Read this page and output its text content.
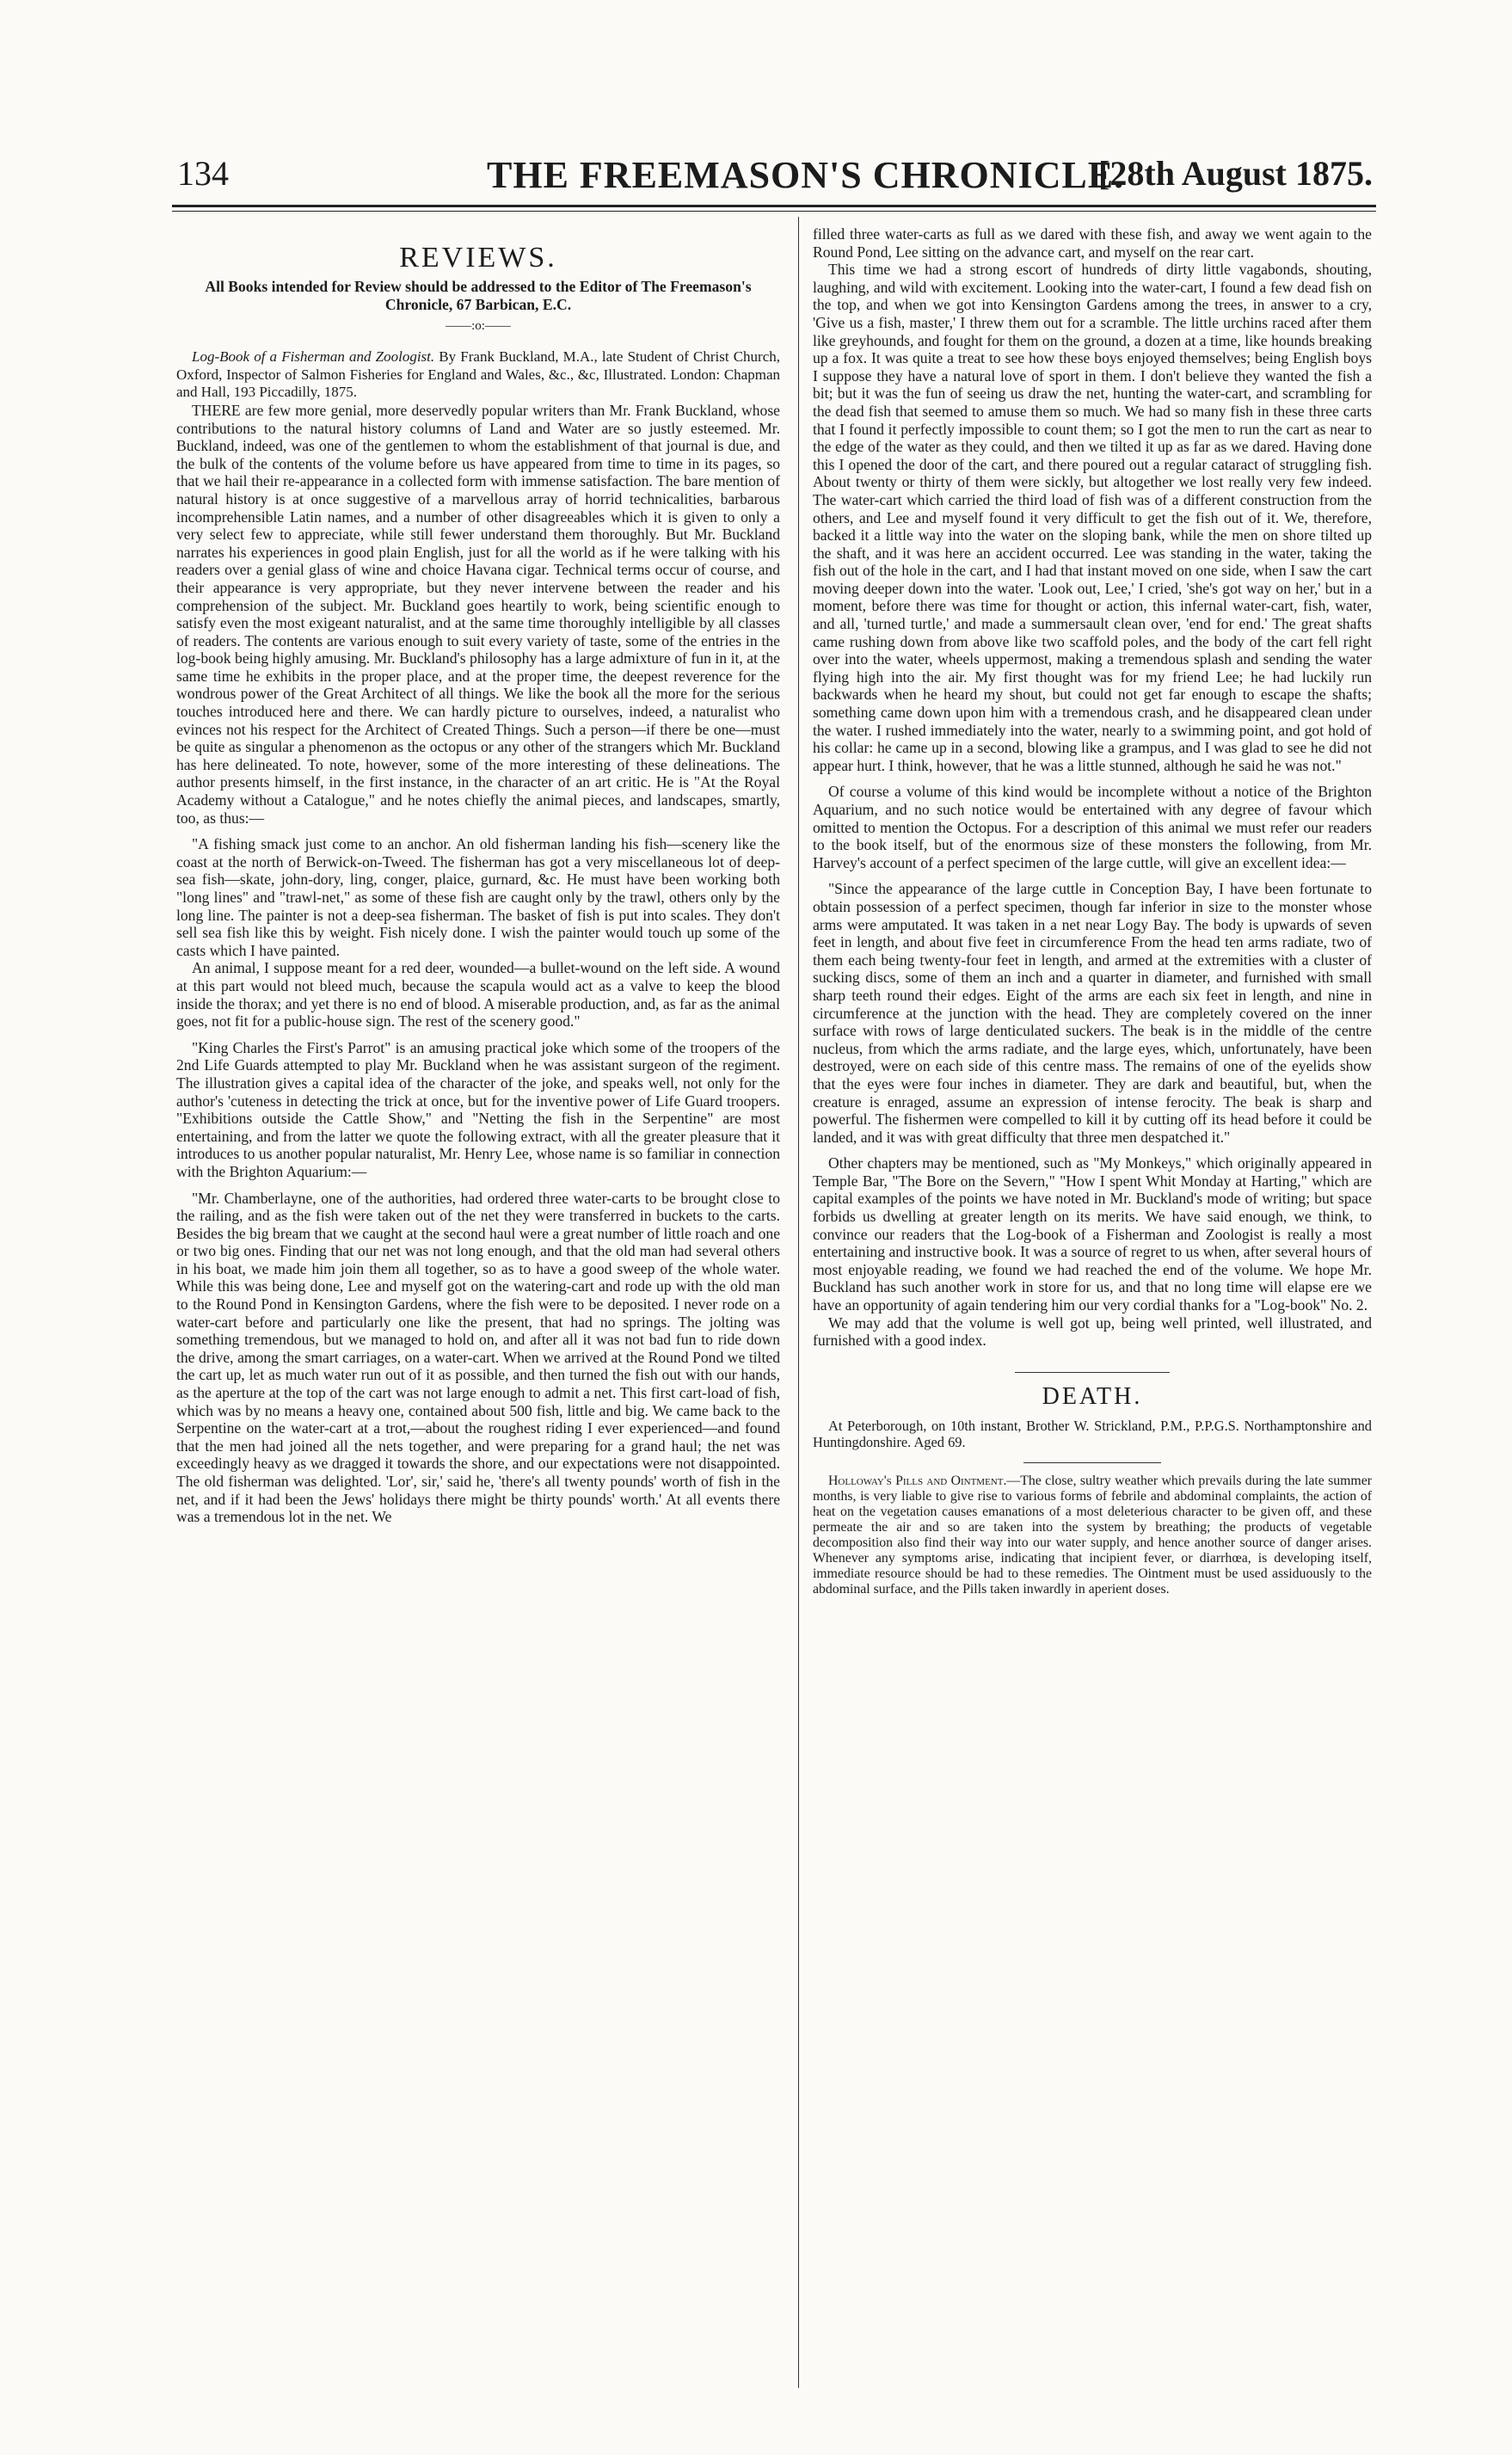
134	THE FREEMASON'S CHRONICLE.
[28th August 1875.
REVIEWS.
All Books intended for Review should be addressed to the Editor of The Freemason's Chronicle, 67 Barbican, E.C.
——:o:——

Log-Book of a Fisherman and Zoologist. By Frank Buckland, M.A., late Student of Christ Church, Oxford, Inspector of Salmon Fisheries for England and Wales, &c., &c, Illustrated. London: Chapman and Hall, 193 Piccadilly, 1875.

THERE are few more genial, more deservedly popular writers than Mr. Frank Buckland, whose contributions to the natural history columns of Land and Water are so justly esteemed. Mr. Buckland, indeed, was one of the gentlemen to whom the establishment of that journal is due, and the bulk of the contents of the volume before us have appeared from time to time in its pages, so that we hail their re-appearance in a collected form with immense satisfaction. The bare mention of natural history is at once suggestive of a marvellous array of horrid technicalities, barbarous incomprehensible Latin names, and a number of other disagreeables which it is given to only a very select few to appreciate, while still fewer understand them thoroughly. But Mr. Buckland narrates his experiences in good plain English, just for all the world as if he were talking with his readers over a genial glass of wine and choice Havana cigar. Technical terms occur of course, and their appearance is very appropriate, but they never intervene between the reader and his comprehension of the subject. Mr. Buckland goes heartily to work, being scientific enough to satisfy even the most exigeant naturalist, and at the same time thoroughly intelligible by all classes of readers. The contents are various enough to suit every variety of taste, some of the entries in the log-book being highly amusing. Mr. Buckland's philosophy has a large admixture of fun in it, at the same time he exhibits in the proper place, and at the proper time, the deepest reverence for the wondrous power of the Great Architect of all things. We like the book all the more for the serious touches introduced here and there. We can hardly picture to ourselves, indeed, a naturalist who evinces not his respect for the Architect of Created Things. Such a person—if there be one—must be quite as singular a phenomenon as the octopus or any other of the strangers which Mr. Buckland has here delineated. To note, however, some of the more interesting of these delineations. The author presents himself, in the first instance, in the character of an art critic. He is "At the Royal Academy without a Catalogue," and he notes chiefly the animal pieces, and landscapes, smartly, too, as thus:—

"A fishing smack just come to an anchor. An old fisherman landing his fish—scenery like the coast at the north of Berwick-on-Tweed. The fisherman has got a very miscellaneous lot of deep-sea fish—skate, john-dory, ling, conger, plaice, gurnard, &c. He must have been working both "long lines" and "trawl-net," as some of these fish are caught only by the trawl, others only by the long line. The painter is not a deep-sea fisherman. The basket of fish is put into scales. They don't sell sea fish like this by weight. Fish nicely done. I wish the painter would touch up some of the casts which I have painted.

An animal, I suppose meant for a red deer, wounded—a bullet-wound on the left side. A wound at this part would not bleed much, because the scapula would act as a valve to keep the blood inside the thorax; and yet there is no end of blood. A miserable production, and, as far as the animal goes, not fit for a public-house sign. The rest of the scenery good."

"King Charles the First's Parrot" is an amusing practical joke which some of the troopers of the 2nd Life Guards attempted to play Mr. Buckland when he was assistant surgeon of the regiment. The illustration gives a capital idea of the character of the joke, and speaks well, not only for the author's 'cuteness in detecting the trick at once, but for the inventive power of Life Guard troopers. "Exhibitions outside the Cattle Show," and "Netting the fish in the Serpentine" are most entertaining, and from the latter we quote the following extract, with all the greater pleasure that it introduces to us another popular naturalist, Mr. Henry Lee, whose name is so familiar in connection with the Brighton Aquarium:—

"Mr. Chamberlayne, one of the authorities, had ordered three water-carts to be brought close to the railing, and as the fish were taken out of the net they were transferred in buckets to the carts. Besides the big bream that we caught at the second haul were a great number of little roach and one or two big ones. Finding that our net was not long enough, and that the old man had several others in his boat, we made him join them all together, so as to have a good sweep of the whole water. While this was being done, Lee and myself got on the watering-cart and rode up with the old man to the Round Pond in Kensington Gardens, where the fish were to be deposited. I never rode on a water-cart before and particularly one like the present, that had no springs. The jolting was something tremendous, but we managed to hold on, and after all it was not bad fun to ride down the drive, among the smart carriages, on a water-cart. When we arrived at the Round Pond we tilted the cart up, let as much water run out of it as possible, and then turned the fish out with our hands, as the aperture at the top of the cart was not large enough to admit a net. This first cart-load of fish, which was by no means a heavy one, contained about 500 fish, little and big. We came back to the Serpentine on the water-cart at a trot,—about the roughest riding I ever experienced—and found that the men had joined all the nets together, and were preparing for a grand haul; the net was exceedingly heavy as we dragged it towards the shore, and our expectations were not disappointed. The old fisherman was delighted. 'Lor', sir,' said he, 'there's all twenty pounds' worth of fish in the net, and if it had been the Jews' holidays there might be thirty pounds' worth.' At all events there was a tremendous lot in the net. We

filled three water-carts as full as we dared with these fish, and away we went again to the Round Pond, Lee sitting on the advance cart, and myself on the rear cart.

This time we had a strong escort of hundreds of dirty little vagabonds, shouting, laughing, and wild with excitement. Looking into the water-cart, I found a few dead fish on the top, and when we got into Kensington Gardens among the trees, in answer to a cry, 'Give us a fish, master,' I threw them out for a scramble. The little urchins raced after them like greyhounds, and fought for them on the ground, a dozen at a time, like hounds breaking up a fox. It was quite a treat to see how these boys enjoyed themselves; being English boys I suppose they have a natural love of sport in them. I don't believe they wanted the fish a bit; but it was the fun of seeing us draw the net, hunting the water-cart, and scrambling for the dead fish that seemed to amuse them so much. We had so many fish in these three carts that I found it perfectly impossible to count them; so I got the men to run the cart as near to the edge of the water as they could, and then we tilted it up as far as we dared. Having done this I opened the door of the cart, and there poured out a regular cataract of struggling fish. About twenty or thirty of them were sickly, but altogether we lost really very few indeed. The water-cart which carried the third load of fish was of a different construction from the others, and Lee and myself found it very difficult to get the fish out of it. We, therefore, backed it a little way into the water on the sloping bank, while the men on shore tilted up the shaft, and it was here an accident occurred. Lee was standing in the water, taking the fish out of the hole in the cart, and I had that instant moved on one side, when I saw the cart moving deeper down into the water. 'Look out, Lee,' I cried, 'she's got way on her,' but in a moment, before there was time for thought or action, this infernal water-cart, fish, water, and all, 'turned turtle,' and made a summersault clean over, 'end for end.' The great shafts came rushing down from above like two scaffold poles, and the body of the cart fell right over into the water, wheels uppermost, making a tremendous splash and sending the water flying high into the air. My first thought was for my friend Lee; he had luckily run backwards when he heard my shout, but could not get far enough to escape the shafts; something came down upon him with a tremendous crash, and he disappeared clean under the water. I rushed immediately into the water, nearly to a swimming point, and got hold of his collar: he came up in a second, blowing like a grampus, and I was glad to see he did not appear hurt. I think, however, that he was a little stunned, although he said he was not."

Of course a volume of this kind would be incomplete without a notice of the Brighton Aquarium, and no such notice would be entertained with any degree of favour which omitted to mention the Octopus. For a description of this animal we must refer our readers to the book itself, but of the enormous size of these monsters the following, from Mr. Harvey's account of a perfect specimen of the large cuttle, will give an excellent idea:—

"Since the appearance of the large cuttle in Conception Bay, I have been fortunate to obtain possession of a perfect specimen, though far inferior in size to the monster whose arms were amputated. It was taken in a net near Logy Bay. The body is upwards of seven feet in length, and about five feet in circumference From the head ten arms radiate, two of them each being twenty-four feet in length, and armed at the extremities with a cluster of sucking discs, some of them an inch and a quarter in diameter, and furnished with small sharp teeth round their edges. Eight of the arms are each six feet in length, and nine in circumference at the junction with the head. They are completely covered on the inner surface with rows of large denticulated suckers. The beak is in the middle of the centre nucleus, from which the arms radiate, and the large eyes, which, unfortunately, have been destroyed, were on each side of this centre mass. The remains of one of the eyelids show that the eyes were four inches in diameter. They are dark and beautiful, but, when the creature is enraged, assume an expression of intense ferocity. The beak is sharp and powerful. The fishermen were compelled to kill it by cutting off its head before it could be landed, and it was with great difficulty that three men despatched it."

Other chapters may be mentioned, such as "My Monkeys," which originally appeared in Temple Bar, "The Bore on the Severn," "How I spent Whit Monday at Harting," which are capital examples of the points we have noted in Mr. Buckland's mode of writing; but space forbids us dwelling at greater length on its merits. We have said enough, we think, to convince our readers that the Log-book of a Fisherman and Zoologist is really a most entertaining and instructive book. It was a source of regret to us when, after several hours of most enjoyable reading, we found we had reached the end of the volume. We hope Mr. Buckland has such another work in store for us, and that no long time will elapse ere we have an opportunity of again tendering him our very cordial thanks for a "Log-book" No. 2.

We may add that the volume is well got up, being well printed, well illustrated, and furnished with a good index.

DEATH.

At Peterborough, on 10th instant, Brother W. Strickland, P.M., P.P.G.S. Northamptonshire and Huntingdonshire. Aged 69.

Holloway's Pills and Ointment.—The close, sultry weather which prevails during the late summer months, is very liable to give rise to various forms of febrile and abdominal complaints, the action of heat on the vegetation causes emanations of a most deleterious character to be given off, and these permeate the air and so are taken into the system by breathing; the products of vegetable decomposition also find their way into our water supply, and hence another source of danger arises. Whenever any symptoms arise, indicating that incipient fever, or diarrhœa, is developing itself, immediate resource should be had to these remedies. The Ointment must be used assiduously to the abdominal surface, and the Pills taken inwardly in aperient doses.
